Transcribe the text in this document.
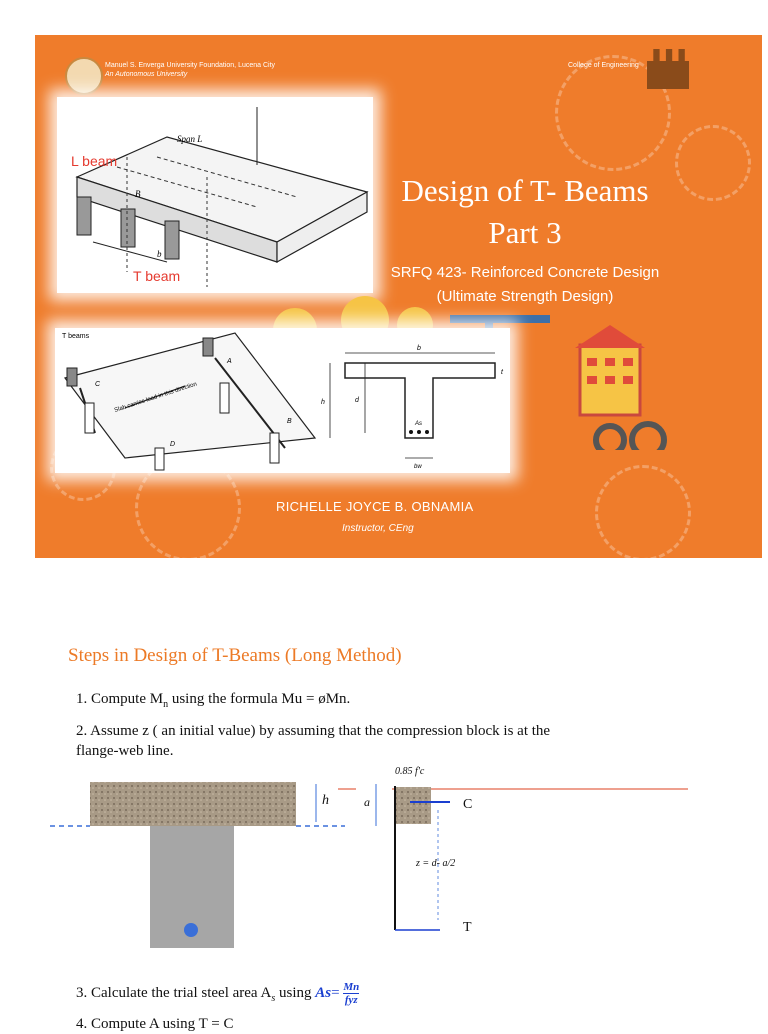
Manuel S. Enverga University Foundation, Lucena City
An Autonomous University
College of Engineering
Span L
B
b
L beam
T beam
Design of T- Beams
Part 3
SRFQ 423- Reinforced Concrete Design
(Ultimate Strength Design)
T beams
Slab carries load in this direction
A
B
C
D
b
t
h	d
As
bw
RICHELLE JOYCE B. OBNAMIA
Instructor, CEng
Steps in Design of T-Beams (Long Method)
1. Compute $M_n$ using the formula Mu = øMn.
2. Assume z ( an initial value) by assuming that the compression block is at the
flange-web line.
0.85 f'c
h	a	C
z = d- a/2
T
3. Calculate the trial steel area $A_s$ using As= Mn
fyz
4. Compute A using T = C
